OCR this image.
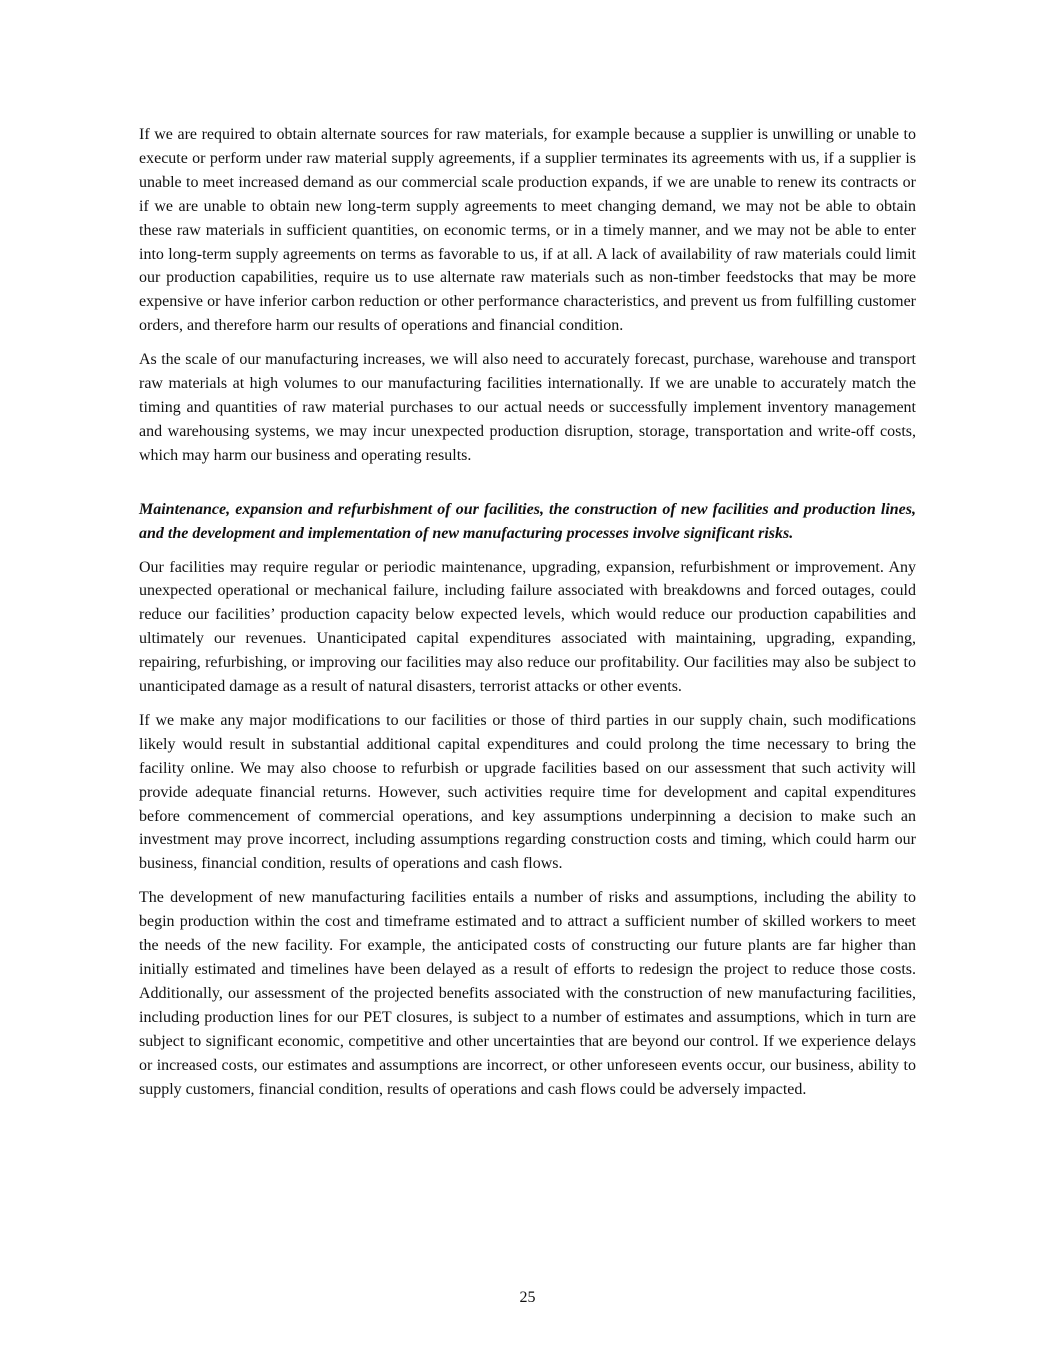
If we are required to obtain alternate sources for raw materials, for example because a supplier is unwilling or unable to execute or perform under raw material supply agreements, if a supplier terminates its agreements with us, if a supplier is unable to meet increased demand as our commercial scale production expands, if we are unable to renew its contracts or if we are unable to obtain new long-term supply agreements to meet changing demand, we may not be able to obtain these raw materials in sufficient quantities, on economic terms, or in a timely manner, and we may not be able to enter into long-term supply agreements on terms as favorable to us, if at all. A lack of availability of raw materials could limit our production capabilities, require us to use alternate raw materials such as non-timber feedstocks that may be more expensive or have inferior carbon reduction or other performance characteristics, and prevent us from fulfilling customer orders, and therefore harm our results of operations and financial condition.

As the scale of our manufacturing increases, we will also need to accurately forecast, purchase, warehouse and transport raw materials at high volumes to our manufacturing facilities internationally. If we are unable to accurately match the timing and quantities of raw material purchases to our actual needs or successfully implement inventory management and warehousing systems, we may incur unexpected production disruption, storage, transportation and write-off costs, which may harm our business and operating results.

Maintenance, expansion and refurbishment of our facilities, the construction of new facilities and production lines, and the development and implementation of new manufacturing processes involve significant risks.

Our facilities may require regular or periodic maintenance, upgrading, expansion, refurbishment or improvement. Any unexpected operational or mechanical failure, including failure associated with breakdowns and forced outages, could reduce our facilities’ production capacity below expected levels, which would reduce our production capabilities and ultimately our revenues. Unanticipated capital expenditures associated with maintaining, upgrading, expanding, repairing, refurbishing, or improving our facilities may also reduce our profitability. Our facilities may also be subject to unanticipated damage as a result of natural disasters, terrorist attacks or other events.

If we make any major modifications to our facilities or those of third parties in our supply chain, such modifications likely would result in substantial additional capital expenditures and could prolong the time necessary to bring the facility online. We may also choose to refurbish or upgrade facilities based on our assessment that such activity will provide adequate financial returns. However, such activities require time for development and capital expenditures before commencement of commercial operations, and key assumptions underpinning a decision to make such an investment may prove incorrect, including assumptions regarding construction costs and timing, which could harm our business, financial condition, results of operations and cash flows.

The development of new manufacturing facilities entails a number of risks and assumptions, including the ability to begin production within the cost and timeframe estimated and to attract a sufficient number of skilled workers to meet the needs of the new facility. For example, the anticipated costs of constructing our future plants are far higher than initially estimated and timelines have been delayed as a result of efforts to redesign the project to reduce those costs. Additionally, our assessment of the projected benefits associated with the construction of new manufacturing facilities, including production lines for our PET closures, is subject to a number of estimates and assumptions, which in turn are subject to significant economic, competitive and other uncertainties that are beyond our control. If we experience delays or increased costs, our estimates and assumptions are incorrect, or other unforeseen events occur, our business, ability to supply customers, financial condition, results of operations and cash flows could be adversely impacted.

25
